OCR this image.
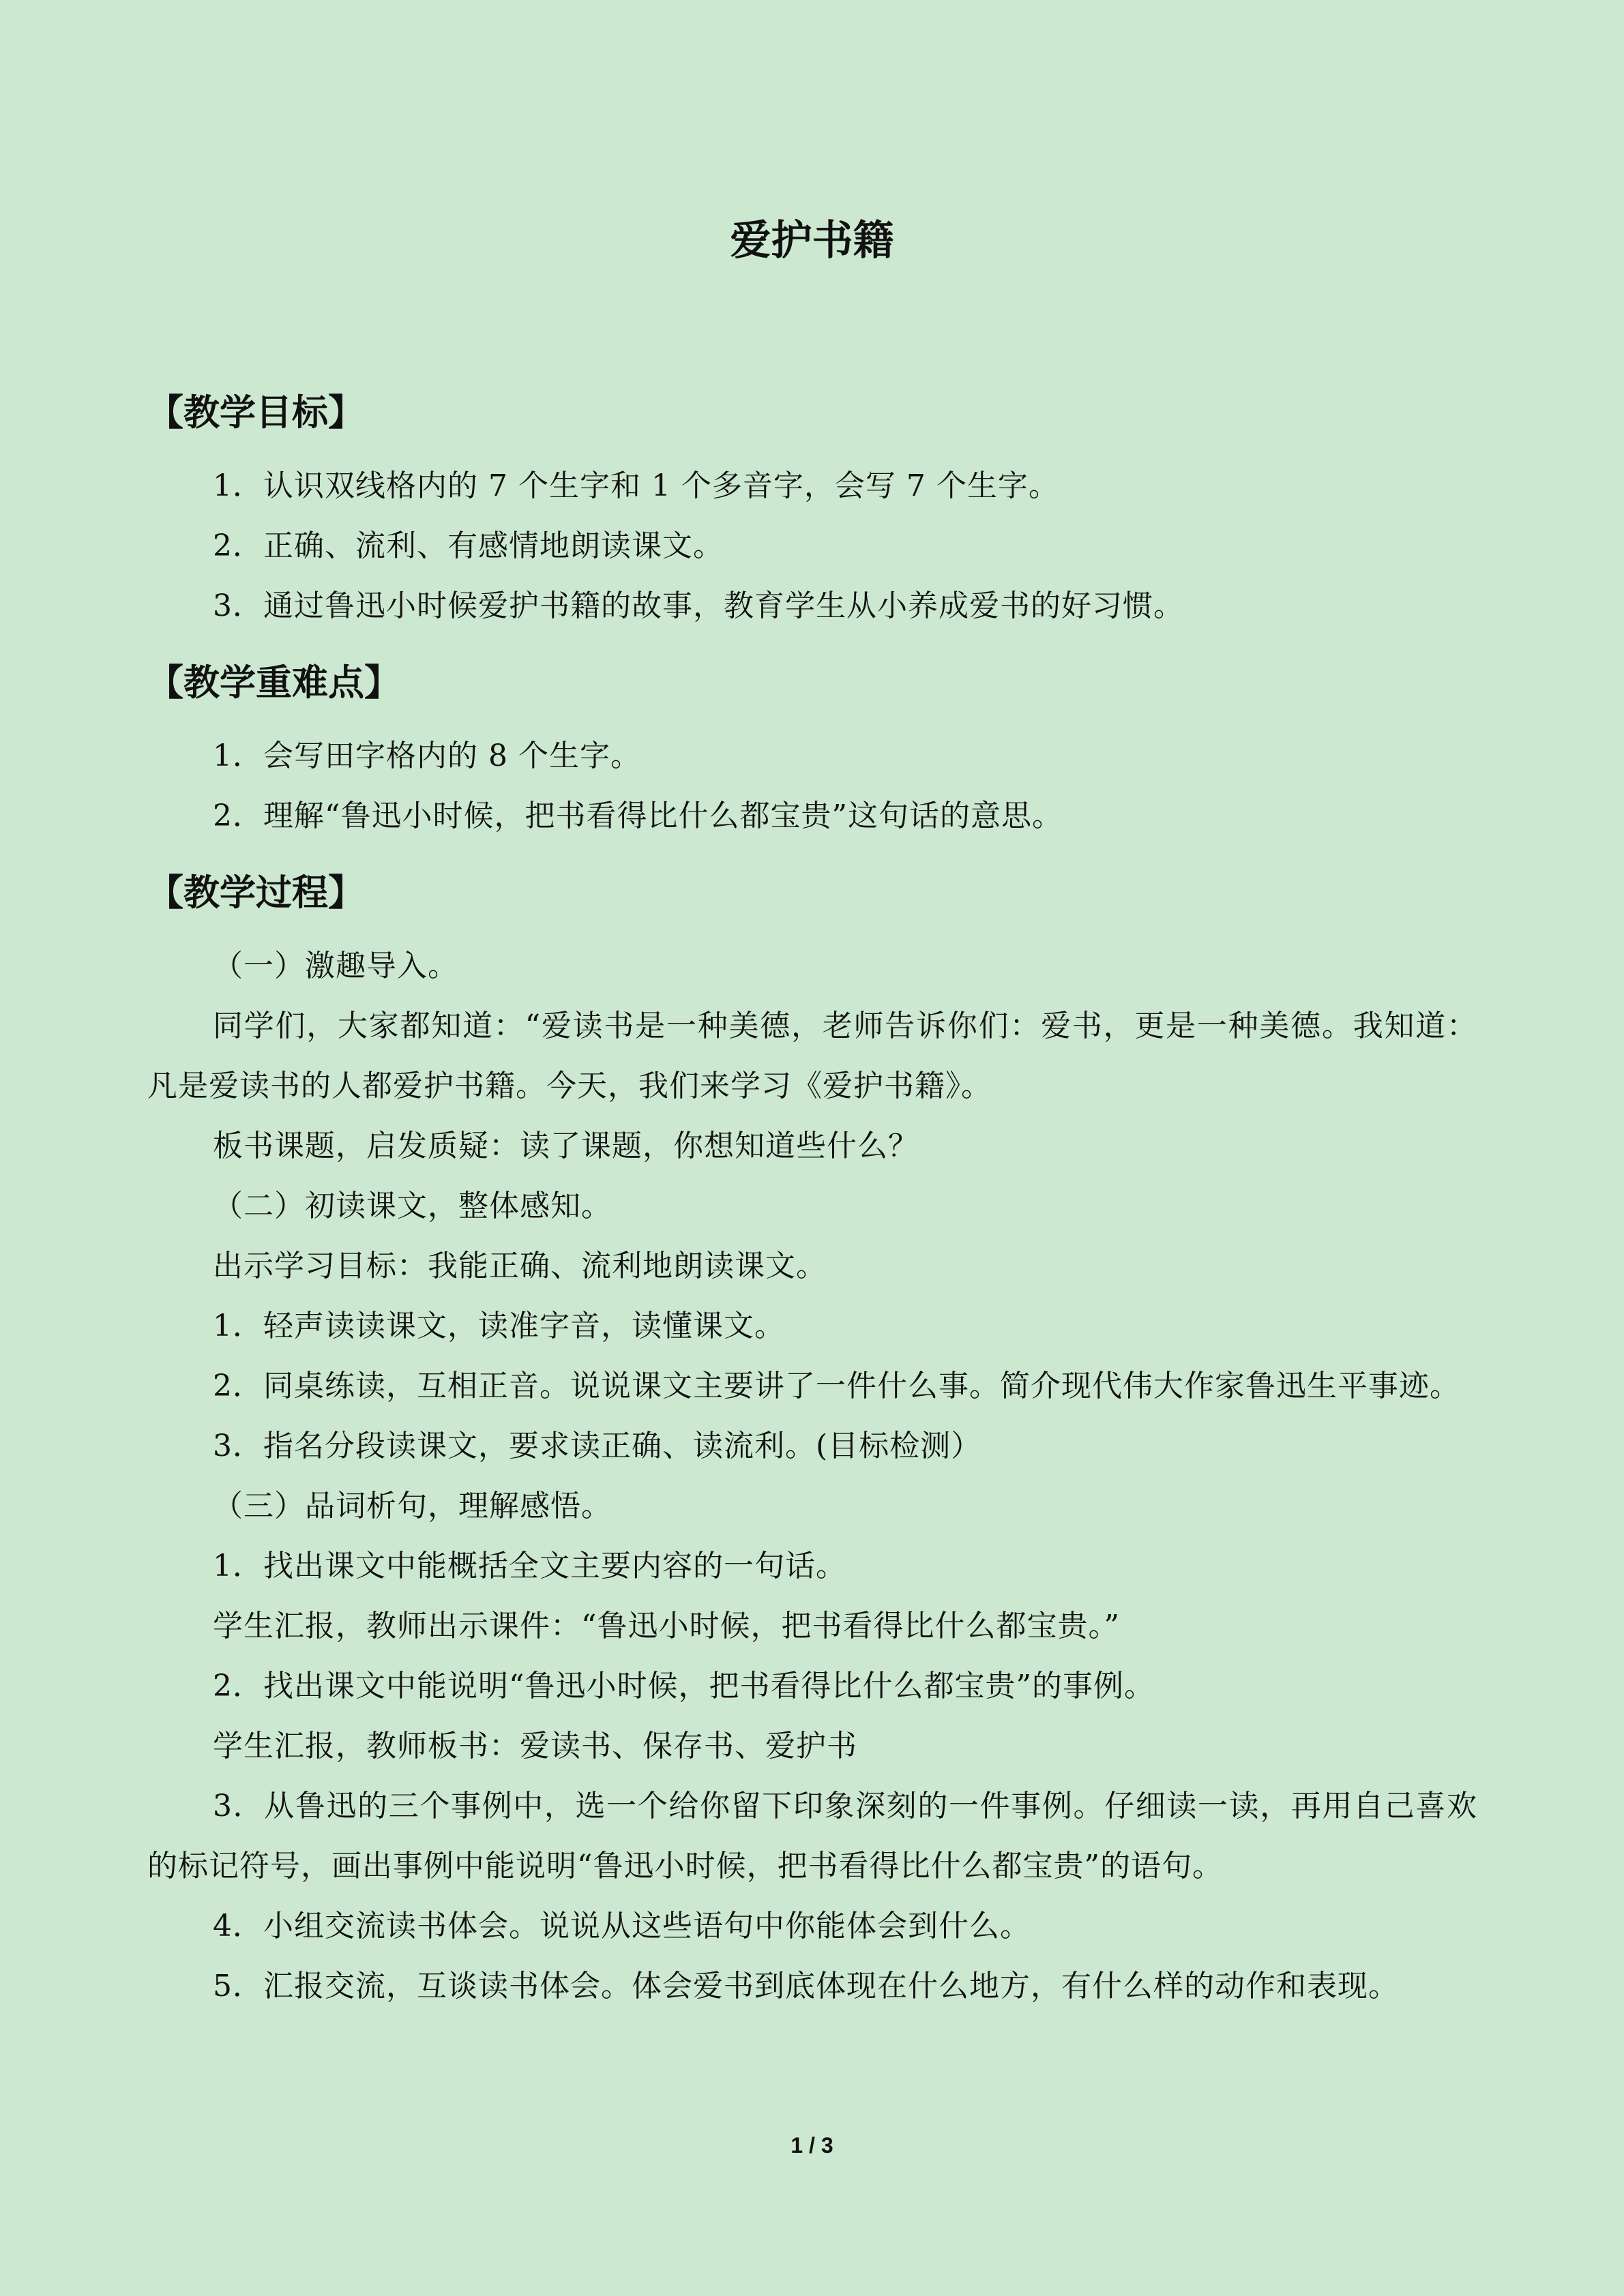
爱护书籍
【教学目标】

1．认识双线格内的 7 个生字和 1 个多音字，会写 7 个生字。

2．正确、流利、有感情地朗读课文。

3．通过鲁迅小时候爱护书籍的故事，教育学生从小养成爱书的好习惯。

【教学重难点】

1．会写田字格内的 8 个生字。

2．理解“鲁迅小时候，把书看得比什么都宝贵”这句话的意思。

【教学过程】

（一）激趣导入。

同学们，大家都知道：“爱读书是一种美德，老师告诉你们：爱书，更是一种美德。我知道：凡是爱读书的人都爱护书籍。今天，我们来学习《爱护书籍》。

板书课题，启发质疑：读了课题，你想知道些什么？

（二）初读课文，整体感知。

出示学习目标：我能正确、流利地朗读课文。

1．轻声读读课文，读准字音，读懂课文。

2．同桌练读，互相正音。说说课文主要讲了一件什么事。简介现代伟大作家鲁迅生平事迹。

3．指名分段读课文，要求读正确、读流利。(目标检测）

（三）品词析句，理解感悟。

1．找出课文中能概括全文主要内容的一句话。

学生汇报，教师出示课件：“鲁迅小时候，把书看得比什么都宝贵。”

2．找出课文中能说明“鲁迅小时候，把书看得比什么都宝贵”的事例。

学生汇报，教师板书：爱读书、保存书、爱护书

3．从鲁迅的三个事例中，选一个给你留下印象深刻的一件事例。仔细读一读，再用自己喜欢的标记符号，画出事例中能说明“鲁迅小时候，把书看得比什么都宝贵”的语句。

4．小组交流读书体会。说说从这些语句中你能体会到什么。

5．汇报交流，互谈读书体会。体会爱书到底体现在什么地方，有什么样的动作和表现。

1 / 3
